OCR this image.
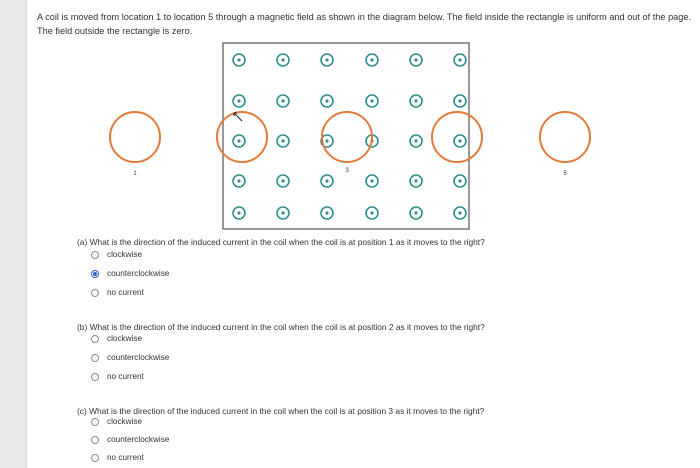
A coil is moved from location 1 to location 5 through a magnetic field as shown in the diagram below. The field inside the rectangle is uniform and out of the page. The field outside the rectangle is zero.
1	3	5
(a) What is the direction of the induced current in the coil when the coil is at position 1 as it moves to the right?
clockwise
counterclockwise
no current
(b) What is the direction of the induced current in the coil when the coil is at position 2 as it moves to the right?
clockwise
counterclockwise
no current
(c) What is the direction of the induced current in the coil when the coil is at position 3 as it moves to the right?
clockwise
counterclockwise
no current
